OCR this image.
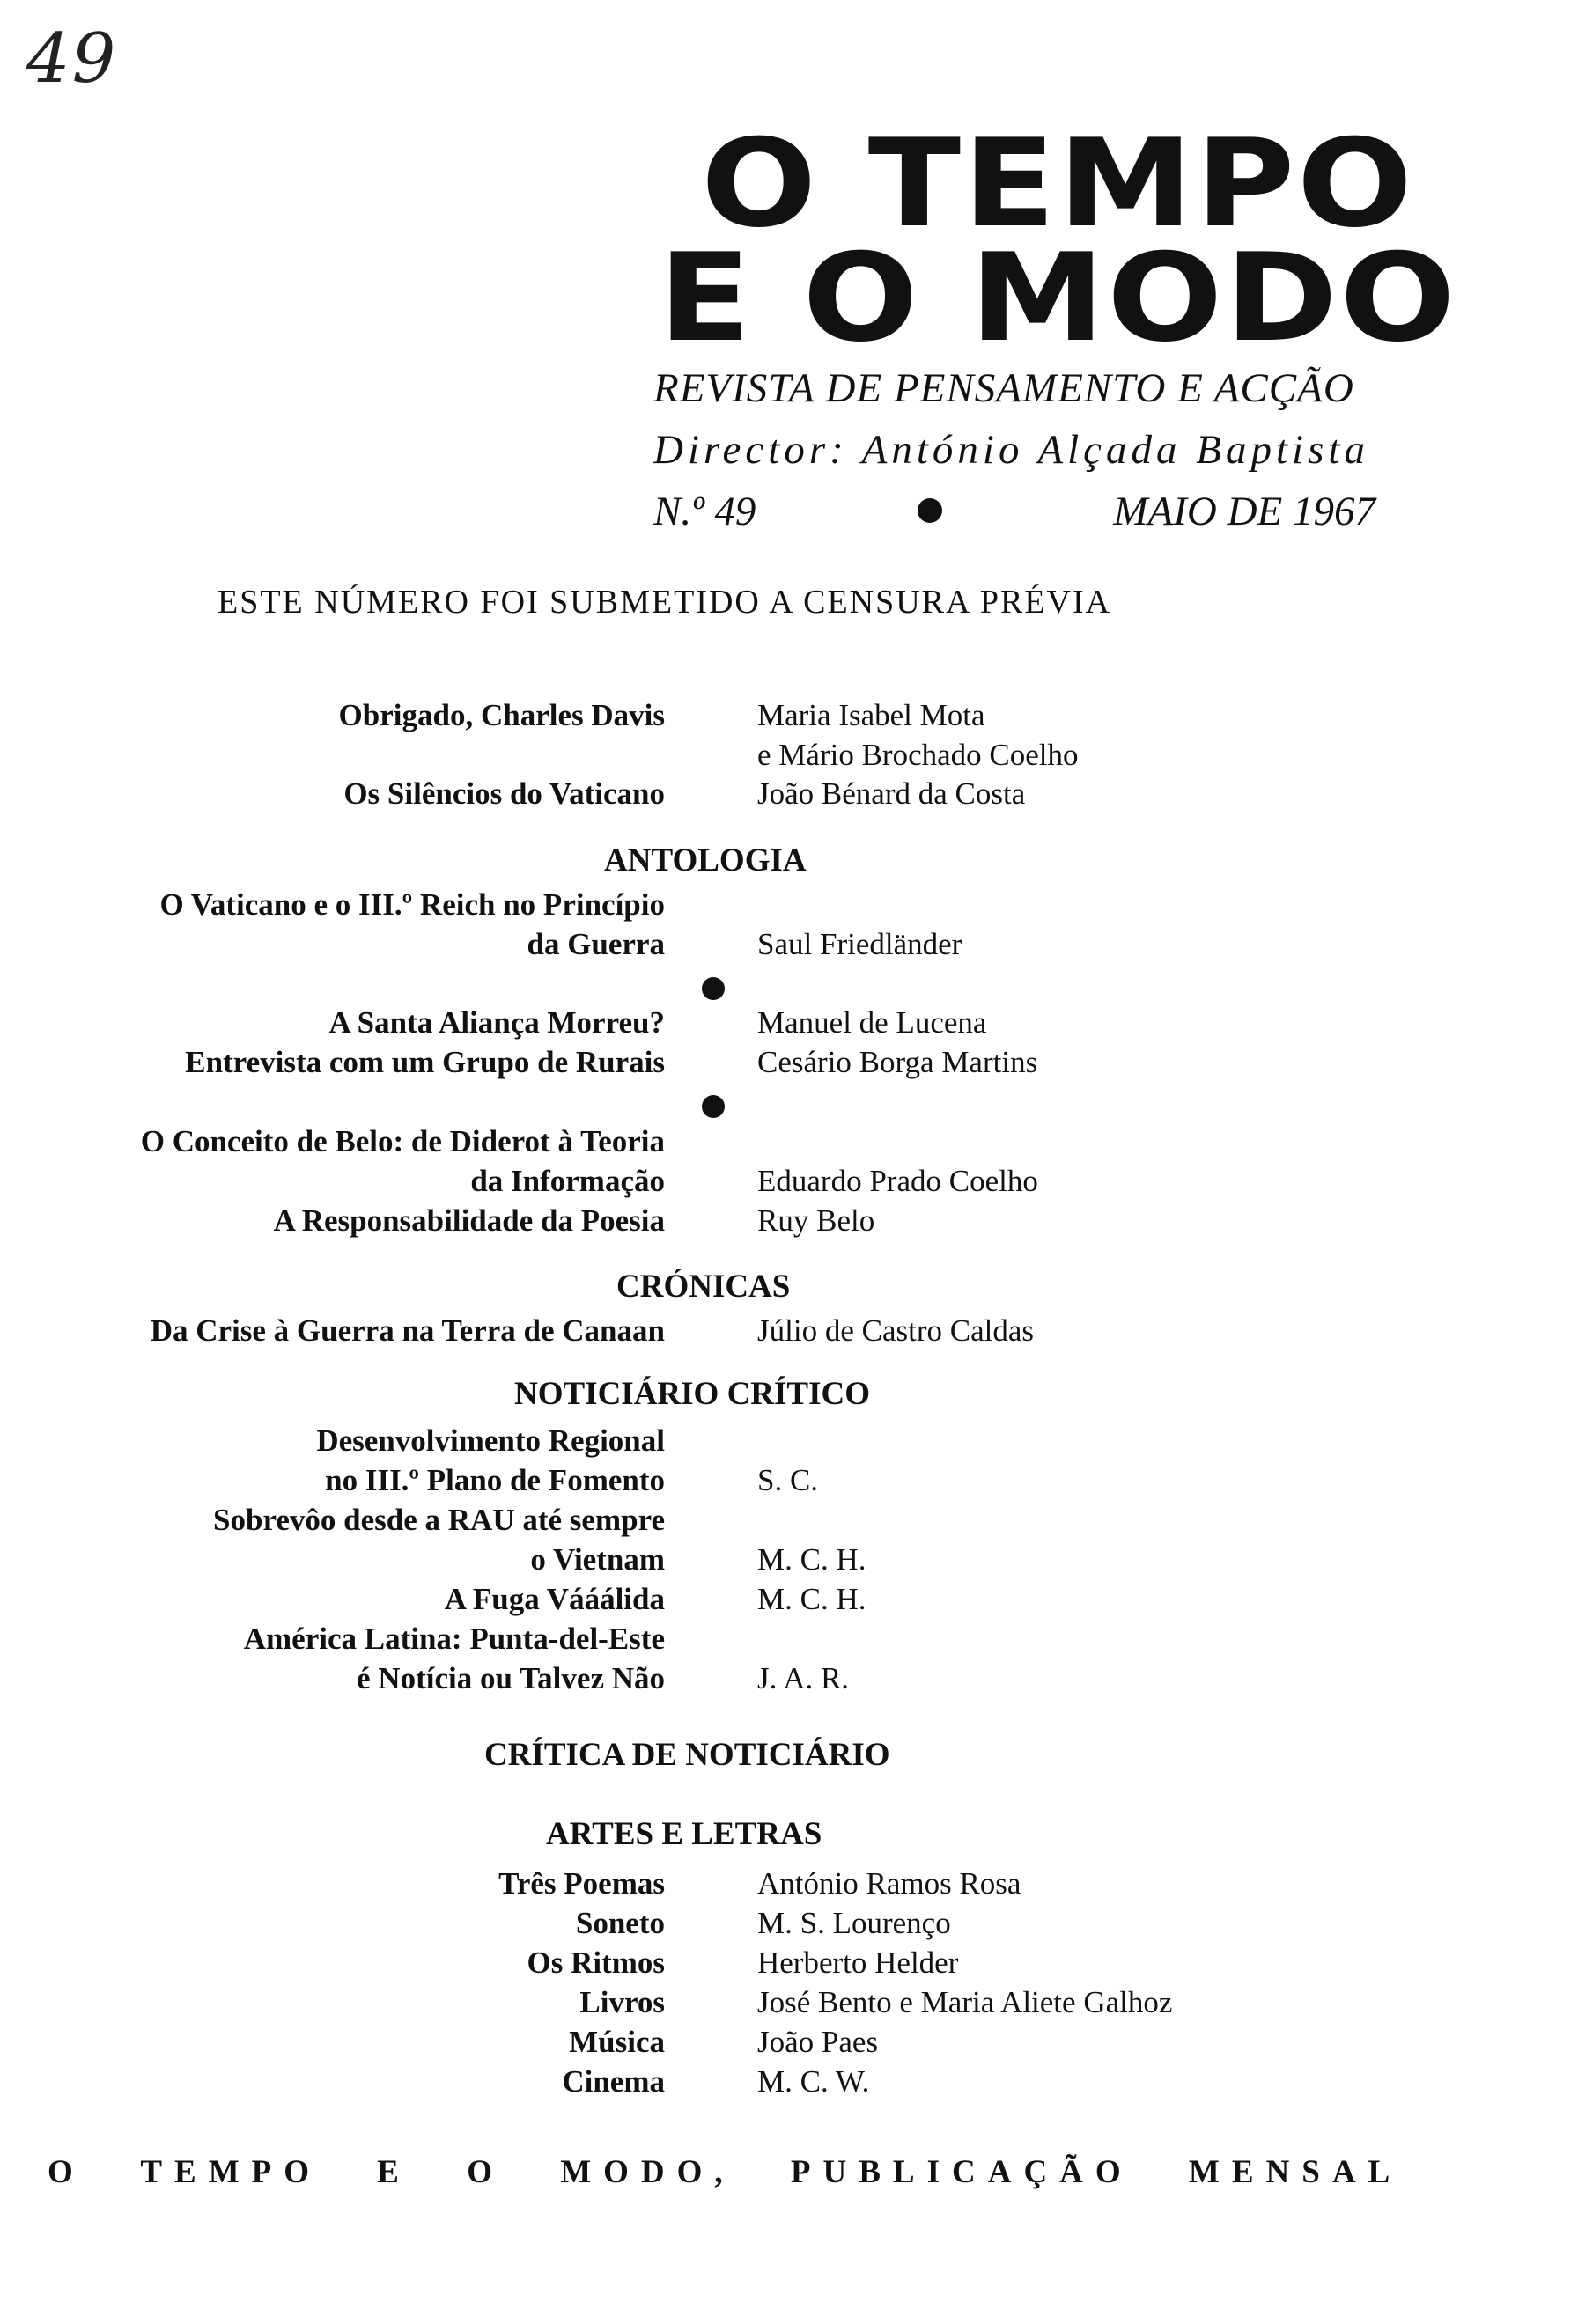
49
O TEMPO
E O MODO
REVISTA DE PENSAMENTO E ACÇÃO
Director: António Alçada Baptista
N.º 49	MAIO DE 1967
ESTE NÚMERO FOI SUBMETIDO A CENSURA PRÉVIA
Obrigado, Charles Davis	Maria Isabel Mota
e Mário Brochado Coelho
Os Silêncios do Vaticano	João Bénard da Costa
ANTOLOGIA
O Vaticano e o III.º Reich no Princípio
da Guerra	Saul Friedländer
A Santa Aliança Morreu?	Manuel de Lucena
Entrevista com um Grupo de Rurais	Cesário Borga Martins
O Conceito de Belo: de Diderot à Teoria
da Informação	Eduardo Prado Coelho
A Responsabilidade da Poesia	Ruy Belo
CRÓNICAS
Da Crise à Guerra na Terra de Canaan	Júlio de Castro Caldas
NOTICIÁRIO CRÍTICO
Desenvolvimento Regional
no III.º Plano de Fomento	S. C.
Sobrevôo desde a RAU até sempre
o Vietnam	M. C. H.
A Fuga Vááálida	M. C. H.
América Latina: Punta-del-Este
é Notícia ou Talvez Não	J. A. R.
CRÍTICA DE NOTICIÁRIO
ARTES E LETRAS
Três Poemas	António Ramos Rosa
Soneto	M. S. Lourenço
Os Ritmos	Herberto Helder
Livros	José Bento e Maria Aliete Galhoz
Música	João Paes
Cinema	M. C. W.
O TEMPO E O MODO, PUBLICAÇÃO MENSAL
